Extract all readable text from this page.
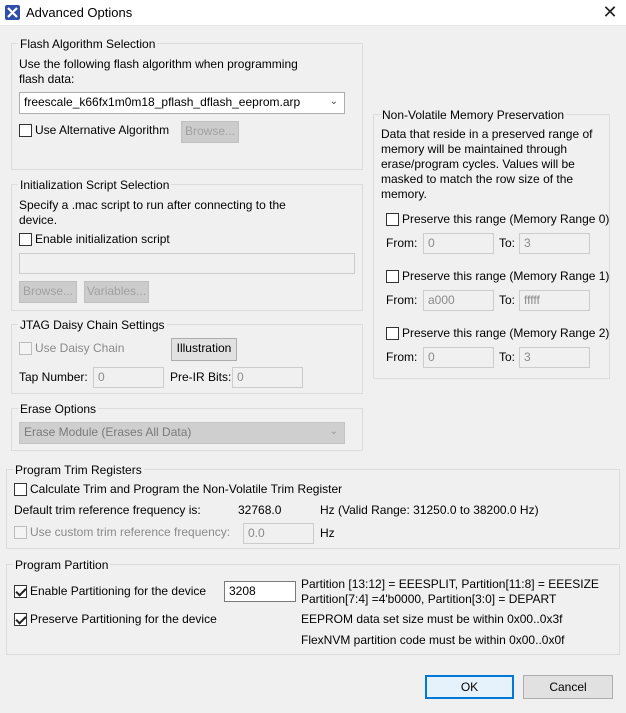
Advanced Options	✕
Flash Algorithm Selection
Use the following flash algorithm when programming flash data:
freescale_k66fx1m0m18_pflash_dflash_eeprom.arp	⌄
Use Alternative Algorithm	Browse...
Initialization Script Selection
Specify a .mac script to run after connecting to the device.
Enable initialization script
Browse...	Variables...
JTAG Daisy Chain Settings
Use Daisy Chain	Illustration
Tap Number: 0	Pre-IR Bits: 0
Erase Options
Erase Module (Erases All Data)	⌄
Non-Volatile Memory Preservation
Data that reside in a preserved range of memory will be maintained through erase/program cycles. Values will be masked to match the row size of the memory.
Preserve this range (Memory Range 0)
From: 0	To: 3
Preserve this range (Memory Range 1)
From: a000	To: fffff
Preserve this range (Memory Range 2)
From: 0	To: 3
Program Trim Registers
Calculate Trim and Program the Non-Volatile Trim Register
Default trim reference frequency is:	32768.0	Hz (Valid Range: 31250.0 to 38200.0 Hz)
Use custom trim reference frequency:	0.0	Hz
Program Partition
Enable Partitioning for the device	3208
Preserve Partitioning for the device
Partition [13:12] = EEESPLIT, Partition[11:8] = EEESIZE
Partition[7:4] =4'b0000, Partition[3:0] = DEPART
EEPROM data set size must be within 0x00..0x3f
FlexNVM partition code must be within 0x00..0x0f
OK	Cancel
